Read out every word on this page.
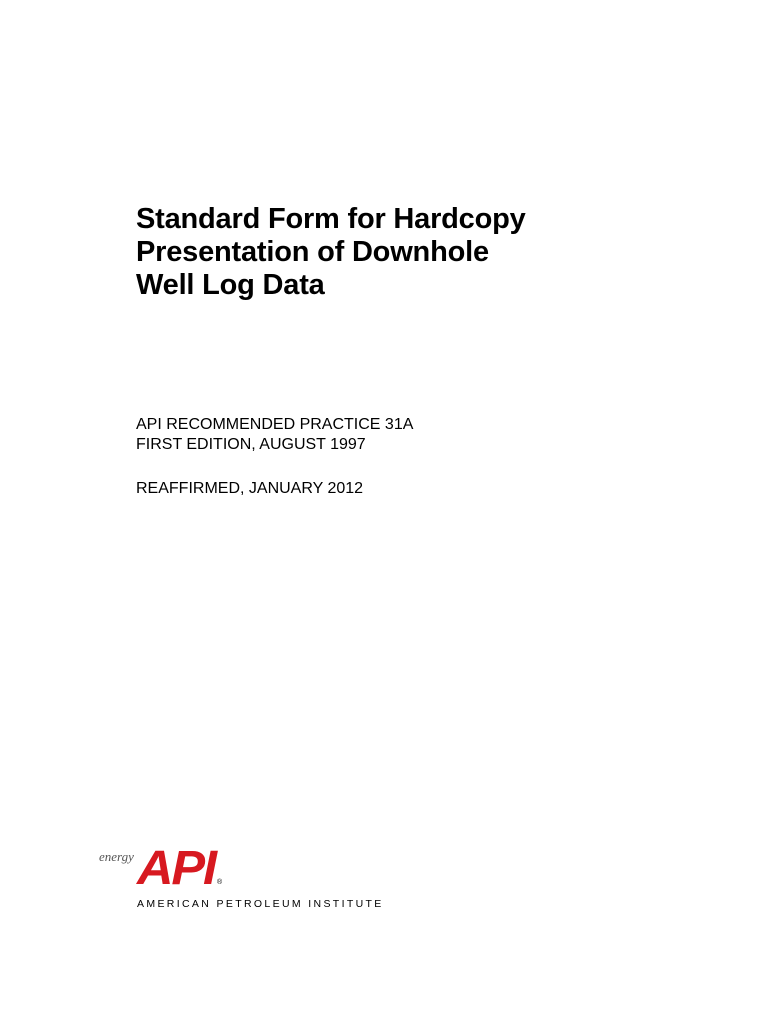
Standard Form for Hardcopy
Presentation of Downhole
Well Log Data
API RECOMMENDED PRACTICE 31A
FIRST EDITION, AUGUST 1997
REAFFIRMED, JANUARY 2012
energy API
®
AMERICAN PETROLEUM INSTITUTE
